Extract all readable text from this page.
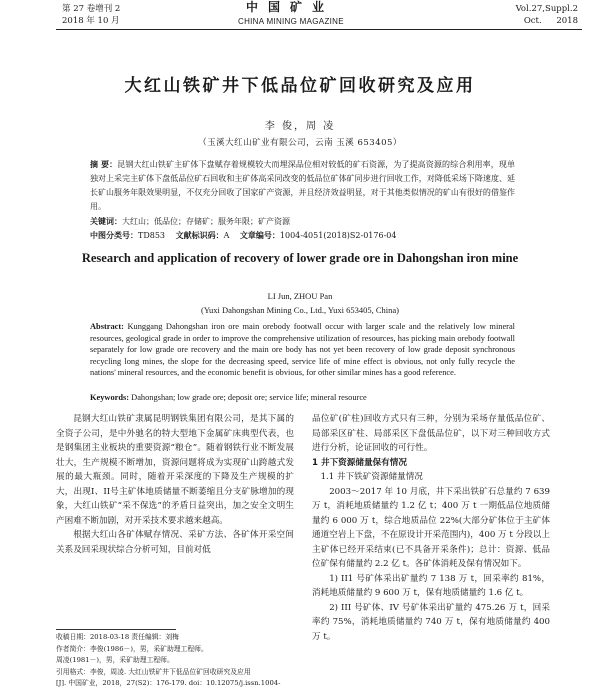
第 27 卷增刊 2
2018 年 10 月
中国矿业
CHINA MINING MAGAZINE
Vol.27,Suppl.2
Oct. 2018
大红山铁矿井下低品位矿回收研究及应用
李 俊，周 凌
（玉溪大红山矿业有限公司，云南 玉溪 653405）
摘 要：昆钢大红山铁矿主矿体下盘赋存着规模较大而埋深品位相对较低的矿石资源，为了提高资源的综合利用率，现单独对上采完主矿体下盘低品位矿石回收和主矿体高采同改变的低品位矿体矿同步进行回收工作，对降低采场下降速度、延长矿山服务年限效果明显，不仅充分回收了国家矿产资源，并且经济效益明显，对于其他类似情况的矿山有很好的借鉴作用。
关键词：大红山；低品位；存储矿；服务年限；矿产资源
中图分类号：TD853 文献标识码：A 文章编号：1004-4051(2018)S2-0176-04
Research and application of recovery of lower grade ore in Dahongshan iron mine
LI Jun, ZHOU Pan
(Yuxi Dahongshan Mining Co., Ltd., Yuxi 653405, China)
Abstract: Kunggang Dahongshan iron ore main orebody footwall occur with larger scale and the relatively low mineral resources, geological grade in order to improve the comprehensive utilization of resources, has picking main orebody footwall separately for low grade ore recovery and the main ore body has not yet been recovery of low grade deposit synchronous recycling long mines, the slope for the decreasing speed, service life of mine effect is obvious, not only fully recycle the nations' mineral resources, and the economic benefit is obvious, for other similar mines has a good reference.
Keywords: Dahongshan; low grade ore; deposit ore; service life; mineral resource

昆钢大红山铁矿隶属昆明钢铁集团有限公司，是其下属的全资子公司，是中外驰名的特大型地下金属矿床典型代表，也是钢集团主业板块的重要资源“粮仓”。随着钢铁行业不断发展壮大，生产规模不断增加，资源问题将成为实现矿山跨越式发展的最大瓶颈。同时，随着开采深度的下降及生产规模的扩大，出现I、II号主矿体地质储量不断萎缩且分支矿脉增加的现象，大红山铁矿“采不保选”的矛盾日益突出，加之安全文明生产困难不断加剧，对开采技术要求越来越高。

根据大红山各矿体赋存情况、采矿方法、各矿体开采空间关系及回采现状综合分析可知，目前对低

品位矿(矿柱)回收方式只有三种，分别为采场存量低品位矿、局部采区矿柱、局部采区下盘低品位矿，以下对三种回收方式进行分析，论证回收的可行性。

1 井下资源储量保有情况

1.1 井下铁矿资源储量情况

2003～2017 年 10 月底，井下采出铁矿石总量约 7 639 万 t，消耗地质储量约 1.2 亿 t；400 万 t 一期低品位地质储量约 6 000 万 t，综合地质品位 22%(大部分矿体位于主矿体通道空岩上下盘，不在原设计开采范围内)，400 万 t 分段以上主矿体已经开采结束(已不具备开采条件)；总计：资源、低品位矿保有储量约 2.2 亿 t。各矿体消耗及保有情况如下。

1) II1 号矿体采出矿量约 7 138 万 t，回采率约 81%，消耗地质储量约 9 600 万 t，保有地质储量约 1.6 亿 t。

2) III 号矿体、IV 号矿体采出矿量约 475.26 万 t，回采率约 75%，消耗地质储量约 740 万 t，保有地质储量约 400 万 t。

收稿日期：2018-03-18 责任编辑：刘梅
作者简介：李俊(1986－)，男，采矿助理工程师。
周凌(1981－)，男，采矿助理工程师。
引用格式：李俊，周凌. 大红山铁矿井下低品位矿回收研究及应用
[J]. 中国矿业，2018，27(S2)：176-179. doi：10.12075/j.issn.1004-
